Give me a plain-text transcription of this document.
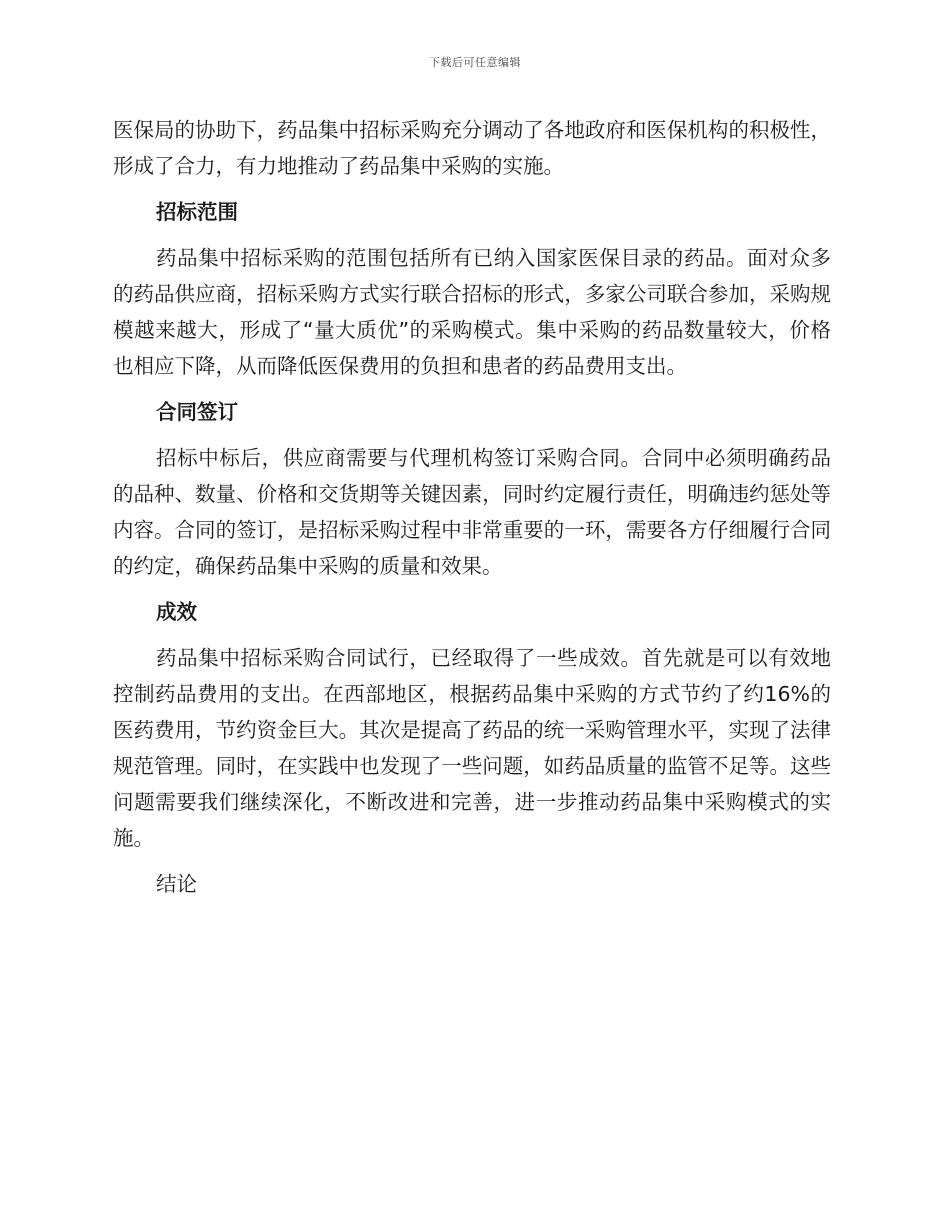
下载后可任意编辑

医保局的协助下，药品集中招标采购充分调动了各地政府和医保机构的积极性，形成了合力，有力地推动了药品集中采购的实施。

招标范围

药品集中招标采购的范围包括所有已纳入国家医保目录的药品。面对众多的药品供应商，招标采购方式实行联合招标的形式，多家公司联合参加，采购规模越来越大，形成了“量大质优”的采购模式。集中采购的药品数量较大，价格也相应下降，从而降低医保费用的负担和患者的药品费用支出。

合同签订

招标中标后，供应商需要与代理机构签订采购合同。合同中必须明确药品的品种、数量、价格和交货期等关键因素，同时约定履行责任，明确违约惩处等内容。合同的签订，是招标采购过程中非常重要的一环，需要各方仔细履行合同的约定，确保药品集中采购的质量和效果。

成效

药品集中招标采购合同试行，已经取得了一些成效。首先就是可以有效地控制药品费用的支出。在西部地区，根据药品集中采购的方式节约了约16%的医药费用，节约资金巨大。其次是提高了药品的统一采购管理水平，实现了法律规范管理。同时，在实践中也发现了一些问题，如药品质量的监管不足等。这些问题需要我们继续深化，不断改进和完善，进一步推动药品集中采购模式的实施。

结论
